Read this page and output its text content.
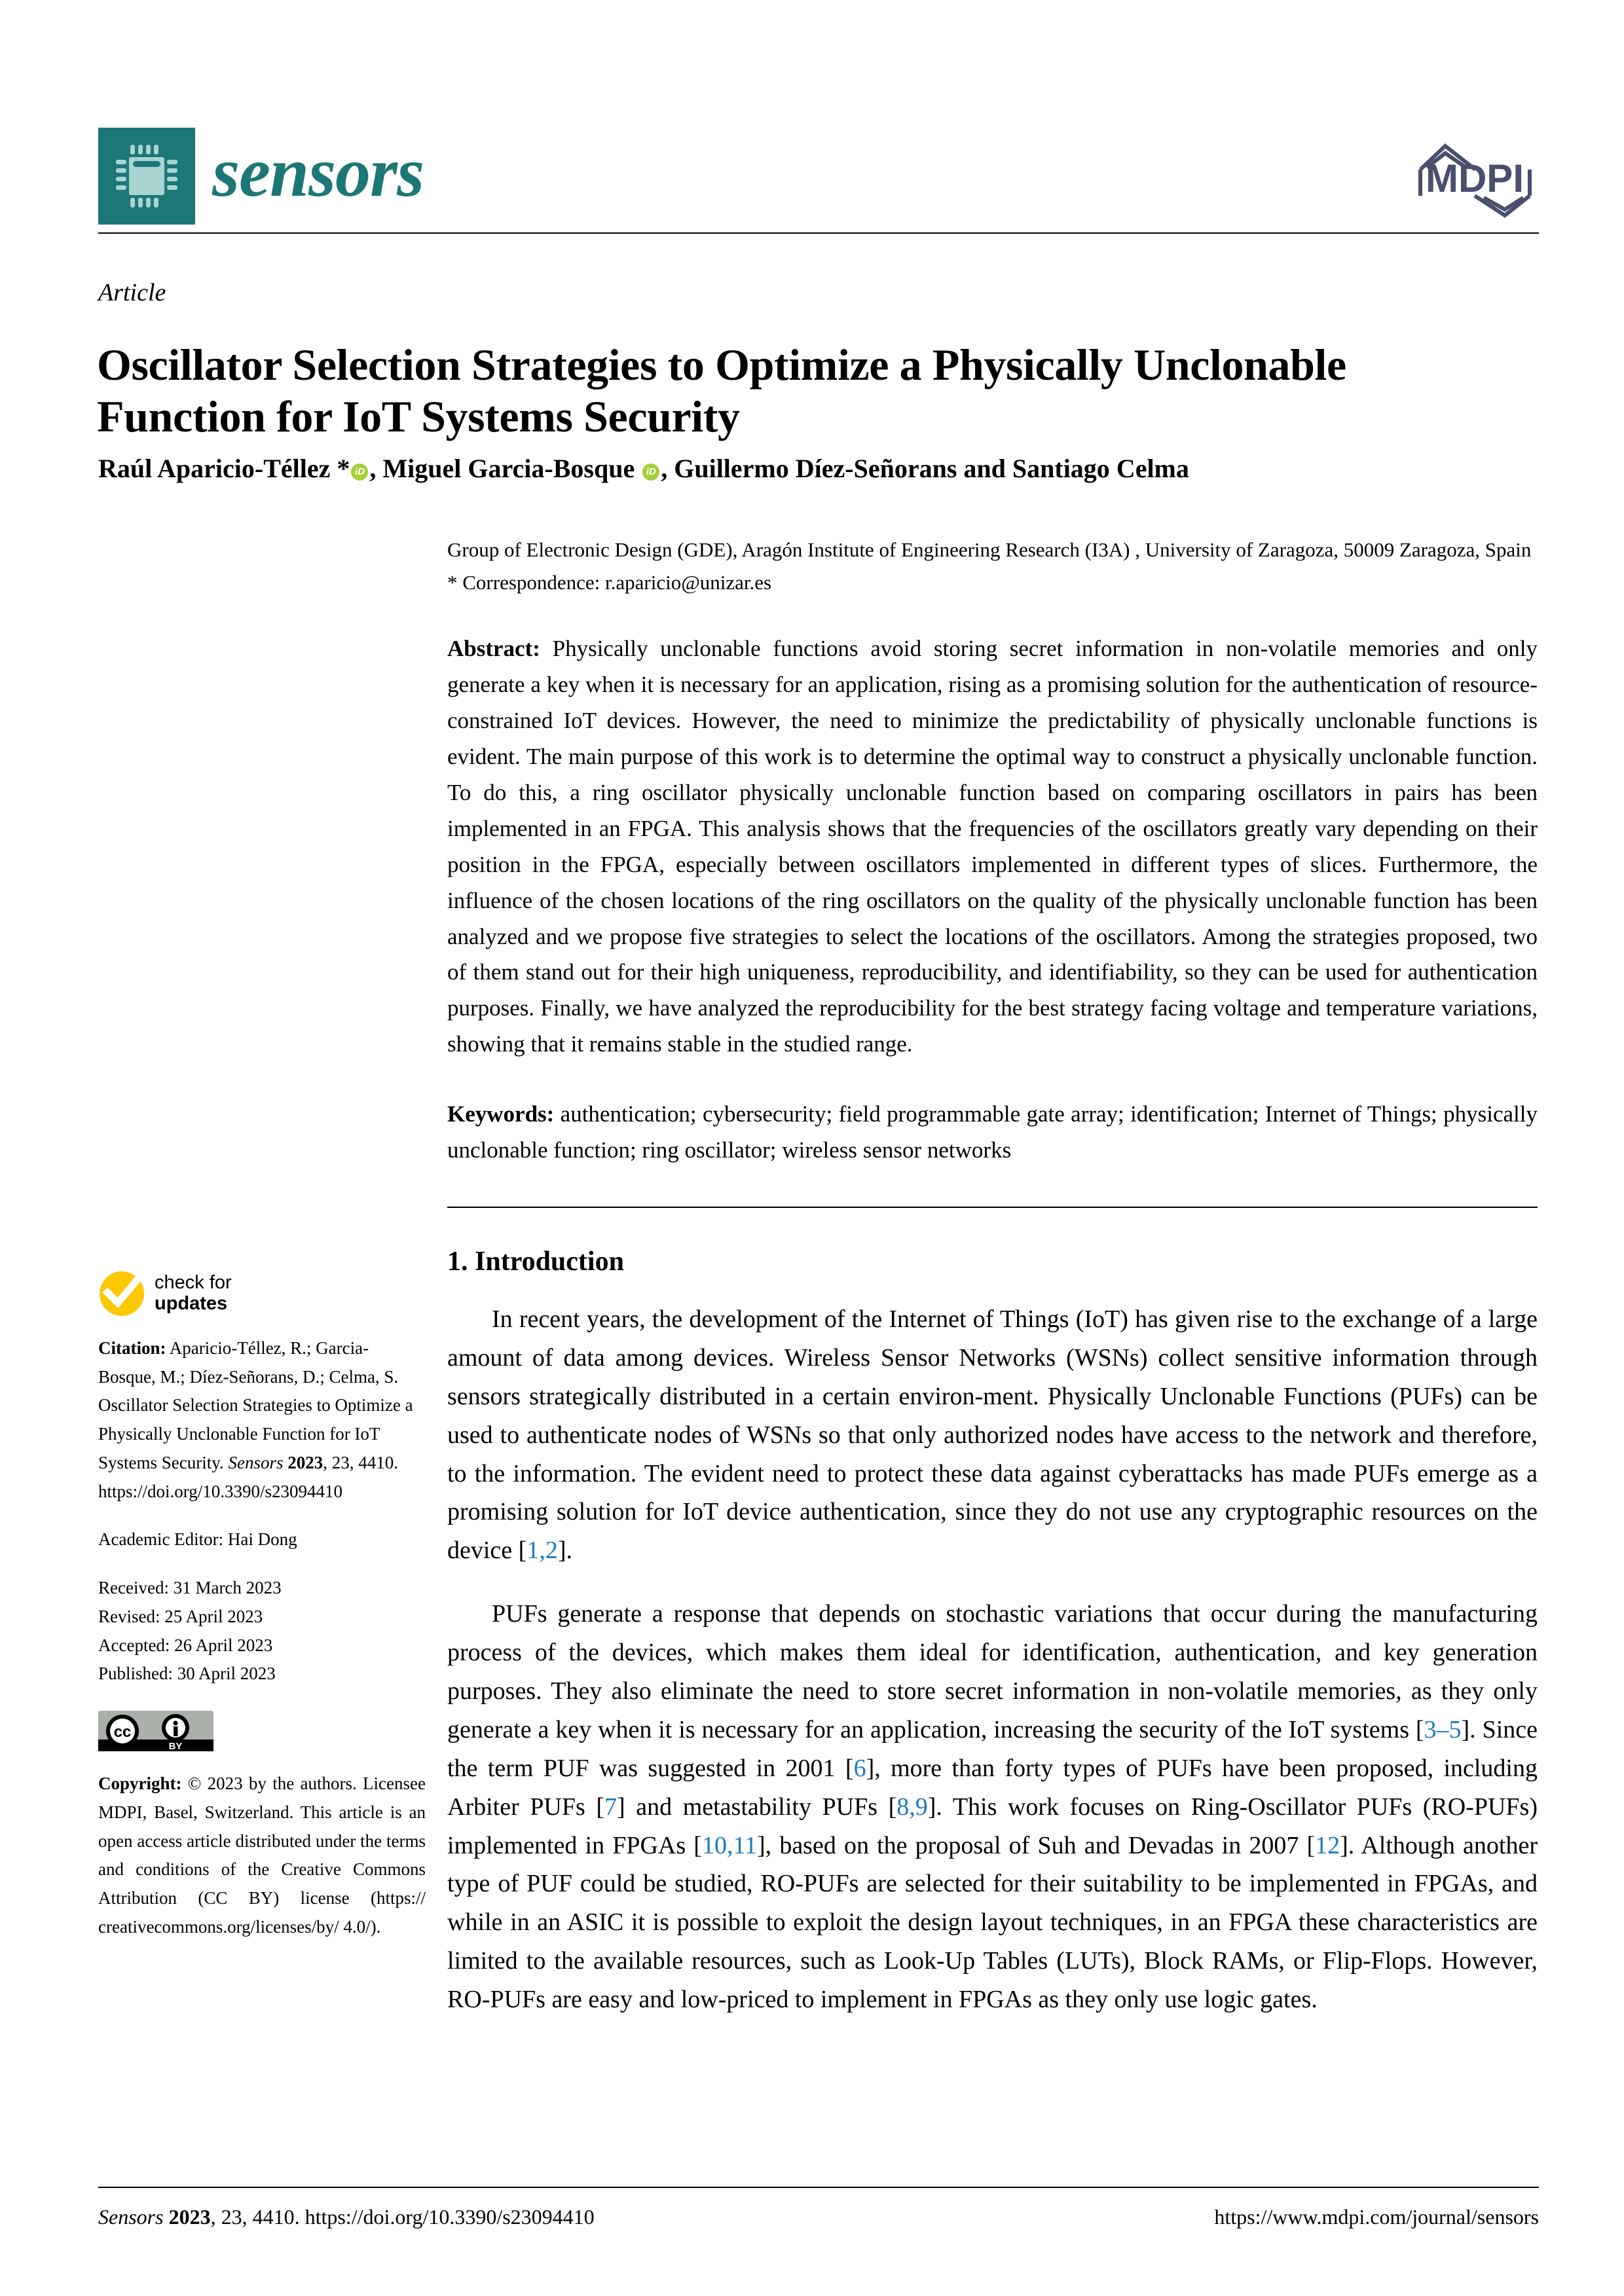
sensors	MDPI
Article
Oscillator Selection Strategies to Optimize a Physically Unclonable Function for IoT Systems Security
Raúl Aparicio-Téllez * iD , Miguel Garcia-Bosque iD , Guillermo Díez-Señorans and Santiago Celma
check for
updates
Citation: Aparicio-Téllez, R.; Garcia-Bosque, M.; Díez-Señorans, D.; Celma, S. Oscillator Selection Strategies to Optimize a Physically Unclonable Function for IoT Systems Security. Sensors 2023, 23, 4410.
https://doi.org/10.3390/s23094410
Academic Editor: Hai Dong
Received: 31 March 2023
Revised: 25 April 2023
Accepted: 26 April 2023
Published: 30 April 2023
cc
BY
Copyright: © 2023 by the authors. Licensee MDPI, Basel, Switzerland. This article is an open access article distributed under the terms and conditions of the Creative Commons Attribution (CC BY) license (https:// creativecommons.org/licenses/by/ 4.0/).
Group of Electronic Design (GDE), Aragón Institute of Engineering Research (I3A) , University of Zaragoza, 50009 Zaragoza, Spain
* Correspondence: r.aparicio@unizar.es
Abstract: Physically unclonable functions avoid storing secret information in non-volatile memories and only generate a key when it is necessary for an application, rising as a promising solution for the authentication of resource-constrained IoT devices. However, the need to minimize the predictability of physically unclonable functions is evident. The main purpose of this work is to determine the optimal way to construct a physically unclonable function. To do this, a ring oscillator physically unclonable function based on comparing oscillators in pairs has been implemented in an FPGA. This analysis shows that the frequencies of the oscillators greatly vary depending on their position in the FPGA, especially between oscillators implemented in different types of slices. Furthermore, the influence of the chosen locations of the ring oscillators on the quality of the physically unclonable function has been analyzed and we propose five strategies to select the locations of the oscillators. Among the strategies proposed, two of them stand out for their high uniqueness, reproducibility, and identifiability, so they can be used for authentication purposes. Finally, we have analyzed the reproducibility for the best strategy facing voltage and temperature variations, showing that it remains stable in the studied range.
Keywords: authentication; cybersecurity; field programmable gate array; identification; Internet of Things; physically unclonable function; ring oscillator; wireless sensor networks
1. Introduction

In recent years, the development of the Internet of Things (IoT) has given rise to the exchange of a large amount of data among devices. Wireless Sensor Networks (WSNs) collect sensitive information through sensors strategically distributed in a certain environ-ment. Physically Unclonable Functions (PUFs) can be used to authenticate nodes of WSNs so that only authorized nodes have access to the network and therefore, to the information. The evident need to protect these data against cyberattacks has made PUFs emerge as a promising solution for IoT device authentication, since they do not use any cryptographic resources on the device [1,2].

PUFs generate a response that depends on stochastic variations that occur during the manufacturing process of the devices, which makes them ideal for identification, authentication, and key generation purposes. They also eliminate the need to store secret information in non-volatile memories, as they only generate a key when it is necessary for an application, increasing the security of the IoT systems [3–5]. Since the term PUF was suggested in 2001 [6], more than forty types of PUFs have been proposed, including Arbiter PUFs [7] and metastability PUFs [8,9]. This work focuses on Ring-Oscillator PUFs (RO-PUFs) implemented in FPGAs [10,11], based on the proposal of Suh and Devadas in 2007 [12]. Although another type of PUF could be studied, RO-PUFs are selected for their suitability to be implemented in FPGAs, and while in an ASIC it is possible to exploit the design layout techniques, in an FPGA these characteristics are limited to the available resources, such as Look-Up Tables (LUTs), Block RAMs, or Flip-Flops. However, RO-PUFs are easy and low-priced to implement in FPGAs as they only use logic gates.

Sensors 2023, 23, 4410. https://doi.org/10.3390/s23094410	https://www.mdpi.com/journal/sensors
